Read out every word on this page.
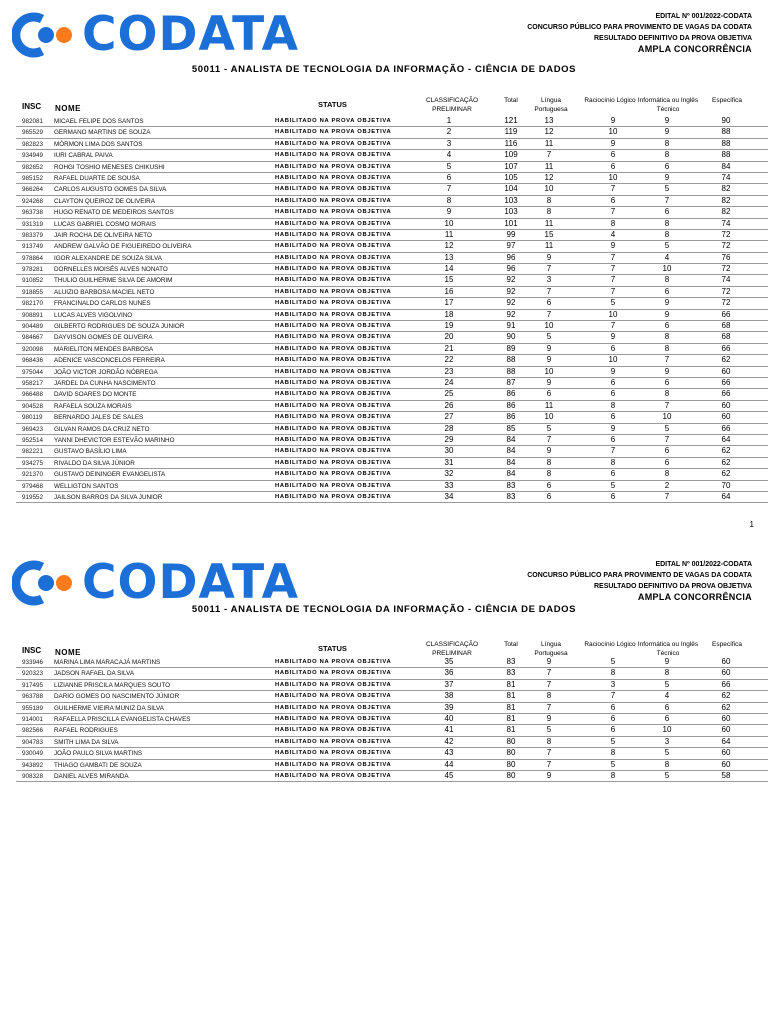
CODATA	EDITAL Nº 001/2022-CODATA
CONCURSO PÚBLICO PARA PROVIMENTO DE VAGAS DA CODATA
RESULTADO DEFINITIVO DA PROVA OBJETIVA
AMPLA CONCORRÊNCIA
50011 - ANALISTA DE TECNOLOGIA DA INFORMAÇÃO - CIÊNCIA DE DADOS
INSC NOME	STATUS	CLASSIFICAÇÃO PRELIMINAR
Total	Língua Portuguesa
Raciocínio Lógico Informática ou Inglês Técnico
Específica
982081 MICAEL FELIPE DOS SANTOS	HABILITADO NA PROVA OBJETIVA	1	121	13	9	9	90
965529 GERMANO MARTINS DE SOUZA	HABILITADO NA PROVA OBJETIVA	2	119	12	10	9	88
982823 MÓRMON LIMA DOS SANTOS	HABILITADO NA PROVA OBJETIVA	3	116	11	9	8	88
934949 IURI CABRAL PAIVA	HABILITADO NA PROVA OBJETIVA	4	109	7	6	8	88
982652 ROHGI TOSHIO MENESES CHIKUSHI	HABILITADO NA PROVA OBJETIVA	5	107	11	6	6	84
985152 RAFAEL DUARTE DE SOUSA	HABILITADO NA PROVA OBJETIVA	6	105	12	10	9	74
966264 CARLOS AUGUSTO GOMES DA SILVA	HABILITADO NA PROVA OBJETIVA	7	104	10	7	5	82
924268 CLAYTON QUEIROZ DE OLIVEIRA	HABILITADO NA PROVA OBJETIVA	8	103	8	6	7	82
963738 HUGO RENATO DE MEDEIROS SANTOS	HABILITADO NA PROVA OBJETIVA	9	103	8	7	6	82
931319 LUCAS GABRIEL COSMO MORAIS	HABILITADO NA PROVA OBJETIVA	10	101	11	8	8	74
983379 JAIR ROCHA DE OLIVEIRA NETO	HABILITADO NA PROVA OBJETIVA	11	99	15	4	8	72
913749 ANDREW GALVÃO DE FIGUEIREDO OLIVEIRA	HABILITADO NA PROVA OBJETIVA	12	97	11	9	5	72
978864 IGOR ALEXANDRE DE SOUZA SILVA	HABILITADO NA PROVA OBJETIVA	13	96	9	7	4	76
978281 DORNELLES MOISÉS ALVES NONATO	HABILITADO NA PROVA OBJETIVA	14	96	7	7	10	72
910852 THULIO GUILHERME SILVA DE AMORIM	HABILITADO NA PROVA OBJETIVA	15	92	3	7	8	74
918855 ALUIZIO BARBOSA MACIEL NETO	HABILITADO NA PROVA OBJETIVA	16	92	7	7	6	72
982170 FRANCINALDO CARLOS NUNES	HABILITADO NA PROVA OBJETIVA	17	92	6	5	9	72
908891 LUCAS ALVES VIGOLVINO	HABILITADO NA PROVA OBJETIVA	18	92	7	10	9	66
904489 GILBERTO RODRIGUES DE SOUZA JUNIOR	HABILITADO NA PROVA OBJETIVA	19	91	10	7	6	68
984667 DAYVISON GOMES DE OLIVEIRA	HABILITADO NA PROVA OBJETIVA	20	90	5	9	8	68
920098 MARIELITON MENDES BARBOSA	HABILITADO NA PROVA OBJETIVA	21	89	9	6	8	66
968436 ADENICE VASCONCELOS FERREIRA	HABILITADO NA PROVA OBJETIVA	22	88	9	10	7	62
975044 JOÃO VICTOR JORDÃO NÓBREGA	HABILITADO NA PROVA OBJETIVA	23	88	10	9	9	60
958217 JARDEL DA CUNHA NASCIMENTO	HABILITADO NA PROVA OBJETIVA	24	87	9	6	6	66
966488 DAVID SOARES DO MONTE	HABILITADO NA PROVA OBJETIVA	25	86	6	6	8	66
904528 RAFAELA SOUZA MORAIS	HABILITADO NA PROVA OBJETIVA	26	86	11	8	7	60
980119 BERNARDO JALES DE SALES	HABILITADO NA PROVA OBJETIVA	27	86	10	6	10	60
969423 GILVAN RAMOS DA CRUZ NETO	HABILITADO NA PROVA OBJETIVA	28	85	5	9	5	66
952514 YANNI DHEVICTOR ESTEVÃO MARINHO	HABILITADO NA PROVA OBJETIVA	29	84	7	6	7	64
982221 GUSTAVO BASÍLIO LIMA	HABILITADO NA PROVA OBJETIVA	30	84	9	7	6	62
934275 RIVALDO DA SILVA JÚNIOR	HABILITADO NA PROVA OBJETIVA	31	84	8	8	6	62
921370 GUSTAVO DEININGER EVANGELISTA	HABILITADO NA PROVA OBJETIVA	32	84	8	6	8	62
979468 WELLIGTON SANTOS	HABILITADO NA PROVA OBJETIVA	33	83	6	5	2	70
919552 JAILSON BARROS DA SILVA JUNIOR	HABILITADO NA PROVA OBJETIVA	34	83	6	6	7	64
1
CODATA	EDITAL Nº 001/2022-CODATA
CONCURSO PÚBLICO PARA PROVIMENTO DE VAGAS DA CODATA
RESULTADO DEFINITIVO DA PROVA OBJETIVA
AMPLA CONCORRÊNCIA
50011 - ANALISTA DE TECNOLOGIA DA INFORMAÇÃO - CIÊNCIA DE DADOS
INSC NOME	STATUS	CLASSIFICAÇÃO PRELIMINAR
Total	Língua Portuguesa
Raciocínio Lógico Informática ou Inglês Técnico
Específica
933946 MARINA LIMA MARACAJÁ MARTINS	HABILITADO NA PROVA OBJETIVA	35	83	9	5	9	60
920323 JADSON RAFAEL DA SILVA	HABILITADO NA PROVA OBJETIVA	36	83	7	8	8	60
917495 LIZIANNE PRISCILA MARQUES SOUTO	HABILITADO NA PROVA OBJETIVA	37	81	7	3	5	66
963788 DARIO GOMES DO NASCIMENTO JÚNIOR	HABILITADO NA PROVA OBJETIVA	38	81	8	7	4	62
955189 GUILHERME VIEIRA MUNIZ DA SILVA	HABILITADO NA PROVA OBJETIVA	39	81	7	6	6	62
914001 RAFAELLA PRISCILLA EVANGELISTA CHAVES	HABILITADO NA PROVA OBJETIVA	40	81	9	6	6	60
982566 RAFAEL RODRIGUES	HABILITADO NA PROVA OBJETIVA	41	81	5	6	10	60
904783 SMITH LIMA DA SILVA	HABILITADO NA PROVA OBJETIVA	42	80	8	5	3	64
930049 JOÃO PAULO SILVA MARTINS	HABILITADO NA PROVA OBJETIVA	43	80	7	8	5	60
943892 THIAGO GAMBATI DE SOUZA	HABILITADO NA PROVA OBJETIVA	44	80	7	5	8	60
908328 DANIEL ALVES MIRANDA	HABILITADO NA PROVA OBJETIVA	45	80	9	8	5	58
